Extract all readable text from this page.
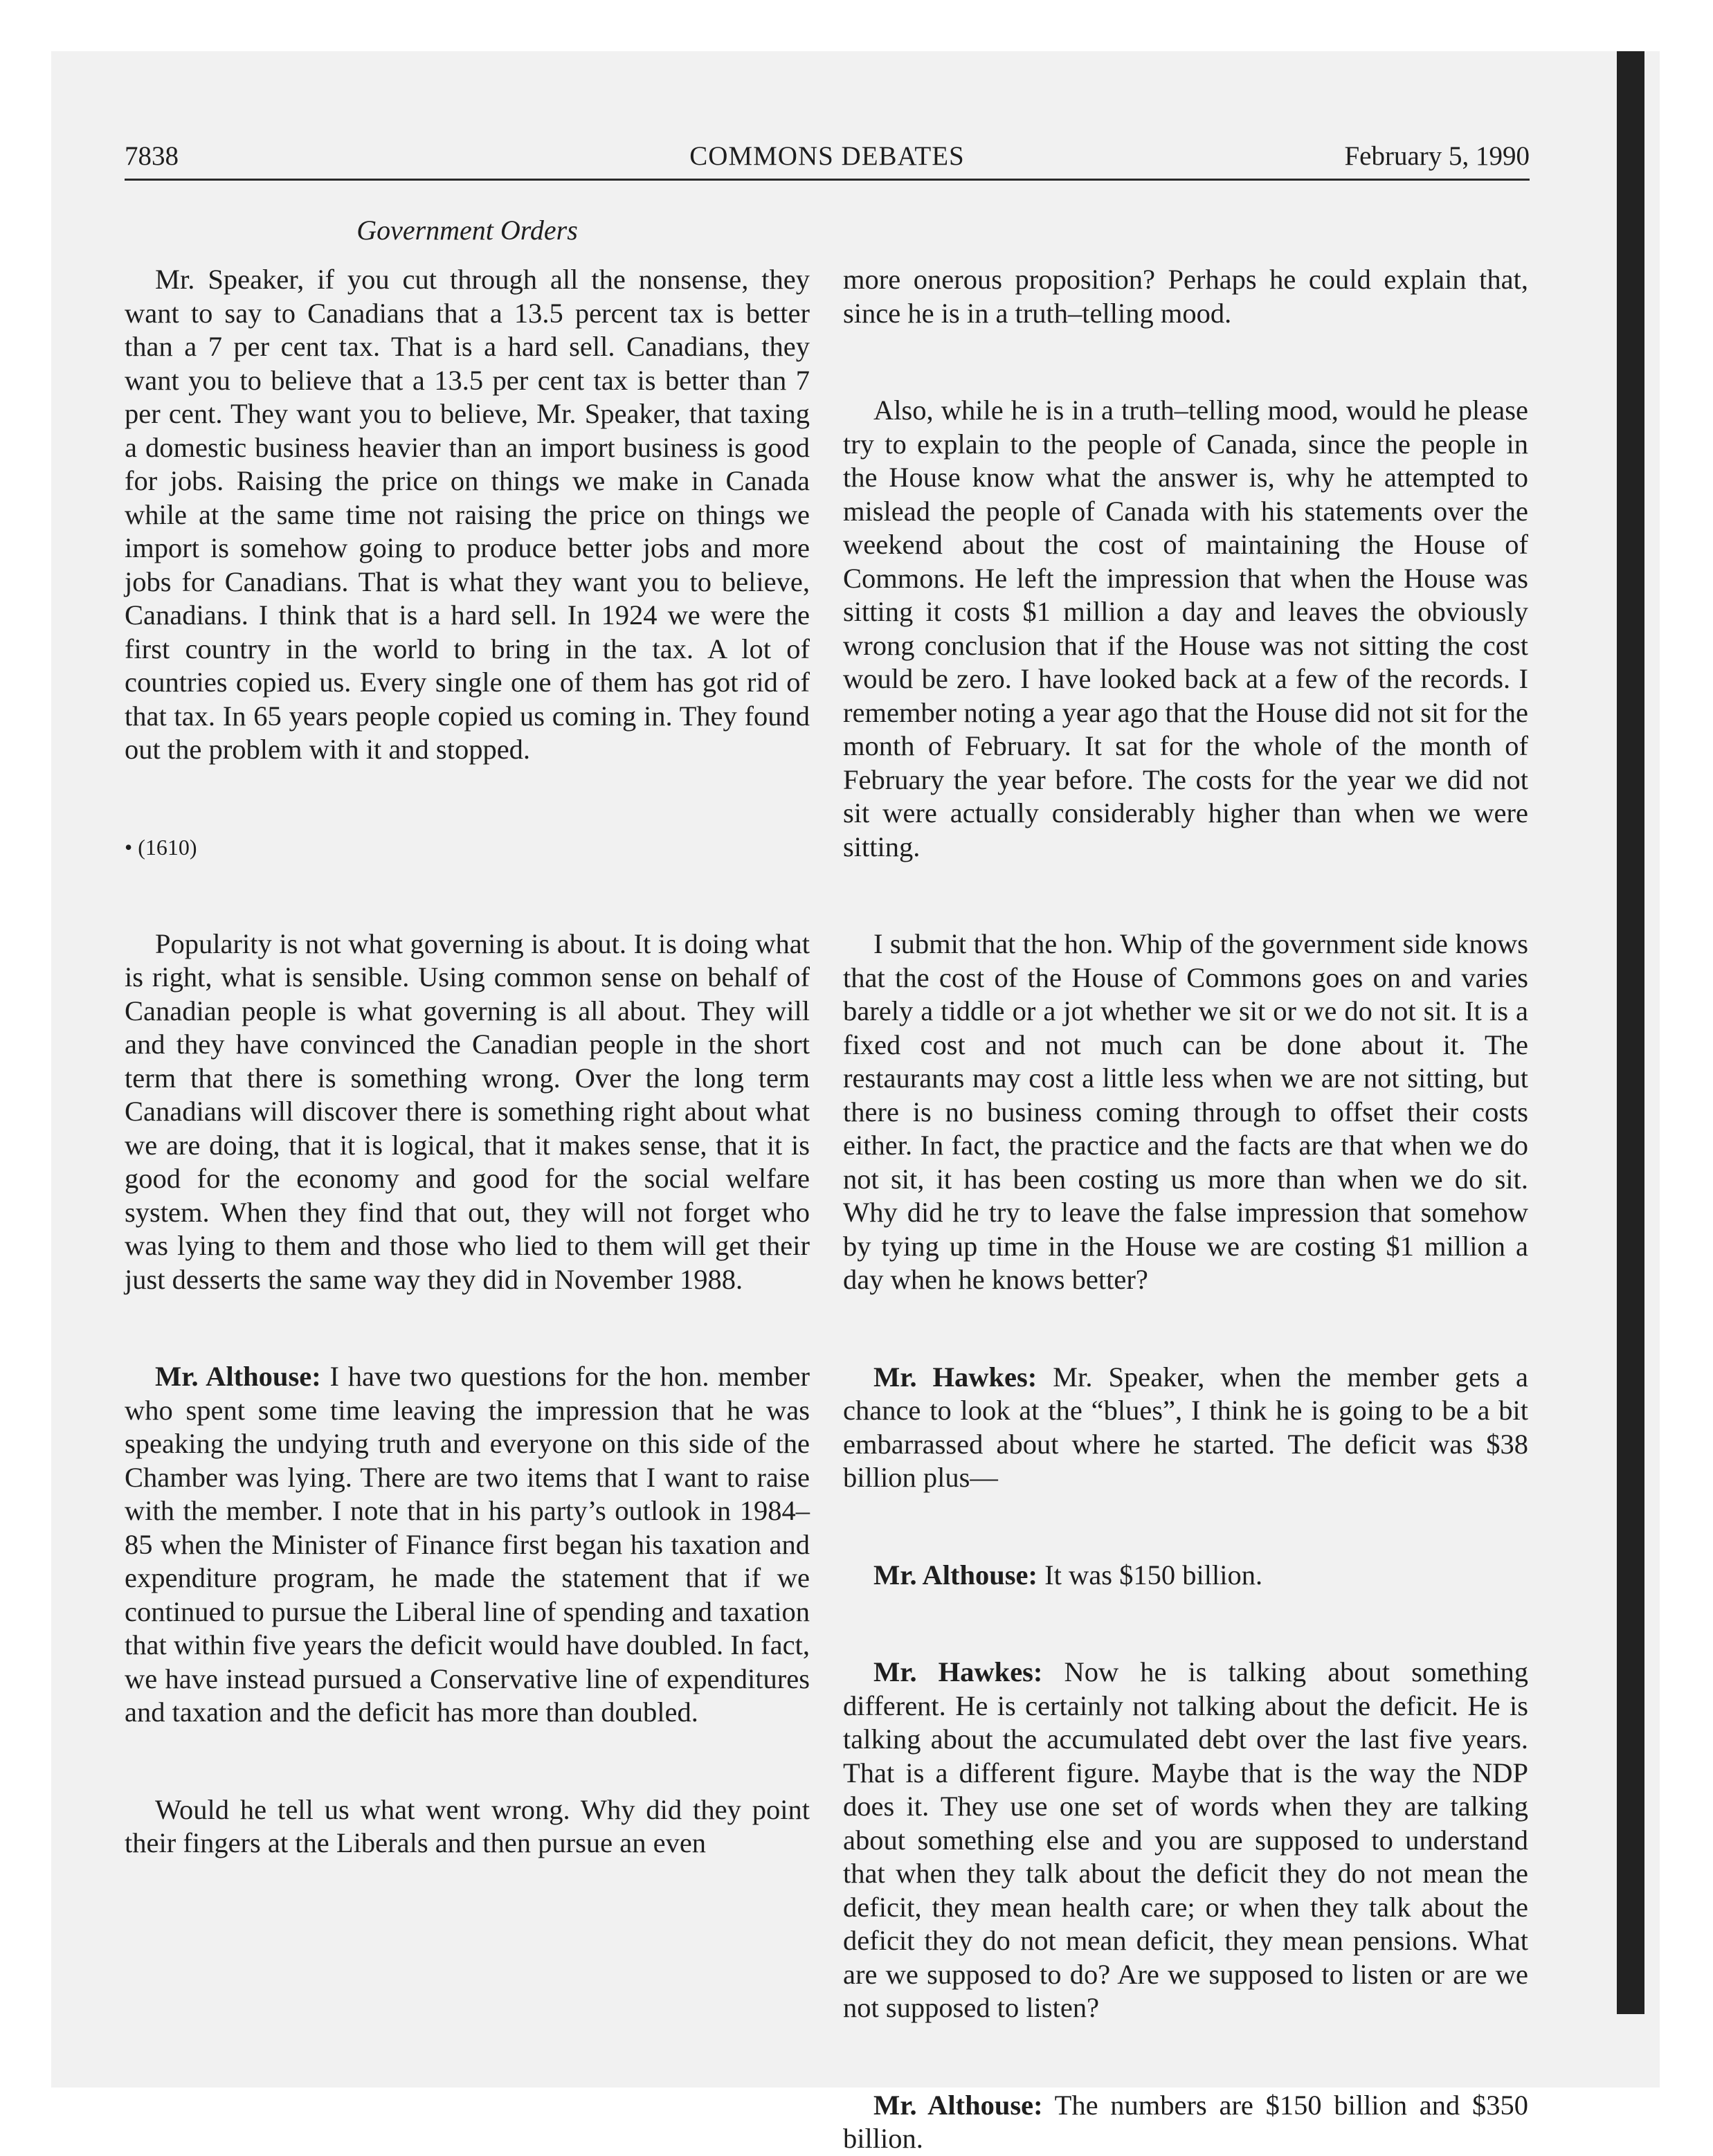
7838	COMMONS DEBATES	February 5, 1990
Government Orders

Mr. Speaker, if you cut through all the nonsense, they want to say to Canadians that a 13.5 percent tax is better than a 7 per cent tax. That is a hard sell. Canadians, they want you to believe that a 13.5 per cent tax is better than 7 per cent. They want you to believe, Mr. Speaker, that taxing a domestic business heavier than an import business is good for jobs. Raising the price on things we make in Canada while at the same time not raising the price on things we import is somehow going to produce better jobs and more jobs for Canadians. That is what they want you to believe, Canadians. I think that is a hard sell. In 1924 we were the first country in the world to bring in the tax. A lot of countries copied us. Every single one of them has got rid of that tax. In 65 years people copied us coming in. They found out the problem with it and stopped.

• (1610)

Popularity is not what governing is about. It is doing what is right, what is sensible. Using common sense on behalf of Canadian people is what governing is all about. They will and they have convinced the Canadian people in the short term that there is something wrong. Over the long term Canadians will discover there is something right about what we are doing, that it is logical, that it makes sense, that it is good for the economy and good for the social welfare system. When they find that out, they will not forget who was lying to them and those who lied to them will get their just desserts the same way they did in November 1988.

Mr. Althouse: I have two questions for the hon. member who spent some time leaving the impression that he was speaking the undying truth and everyone on this side of the Chamber was lying. There are two items that I want to raise with the member. I note that in his party’s outlook in 1984–85 when the Minister of Finance first began his taxation and expenditure program, he made the statement that if we continued to pursue the Liberal line of spending and taxation that within five years the deficit would have doubled. In fact, we have instead pursued a Conservative line of expenditures and taxation and the deficit has more than doubled.

Would he tell us what went wrong. Why did they point their fingers at the Liberals and then pursue an even

more onerous proposition? Perhaps he could explain that, since he is in a truth–telling mood.

Also, while he is in a truth–telling mood, would he please try to explain to the people of Canada, since the people in the House know what the answer is, why he attempted to mislead the people of Canada with his statements over the weekend about the cost of maintaining the House of Commons. He left the impression that when the House was sitting it costs $1 million a day and leaves the obviously wrong conclusion that if the House was not sitting the cost would be zero. I have looked back at a few of the records. I remember noting a year ago that the House did not sit for the month of February. It sat for the whole of the month of February the year before. The costs for the year we did not sit were actually considerably higher than when we were sitting.

I submit that the hon. Whip of the government side knows that the cost of the House of Commons goes on and varies barely a tiddle or a jot whether we sit or we do not sit. It is a fixed cost and not much can be done about it. The restaurants may cost a little less when we are not sitting, but there is no business coming through to offset their costs either. In fact, the practice and the facts are that when we do not sit, it has been costing us more than when we do sit. Why did he try to leave the false impression that somehow by tying up time in the House we are costing $1 million a day when he knows better?

Mr. Hawkes: Mr. Speaker, when the member gets a chance to look at the “blues”, I think he is going to be a bit embarrassed about where he started. The deficit was $38 billion plus—

Mr. Althouse: It was $150 billion.

Mr. Hawkes: Now he is talking about something different. He is certainly not talking about the deficit. He is talking about the accumulated debt over the last five years. That is a different figure. Maybe that is the way the NDP does it. They use one set of words when they are talking about something else and you are supposed to understand that when they talk about the deficit they do not mean the deficit, they mean health care; or when they talk about the deficit they do not mean deficit, they mean pensions. What are we supposed to do? Are we supposed to listen or are we not supposed to listen?

Mr. Althouse: The numbers are $150 billion and $350 billion.
